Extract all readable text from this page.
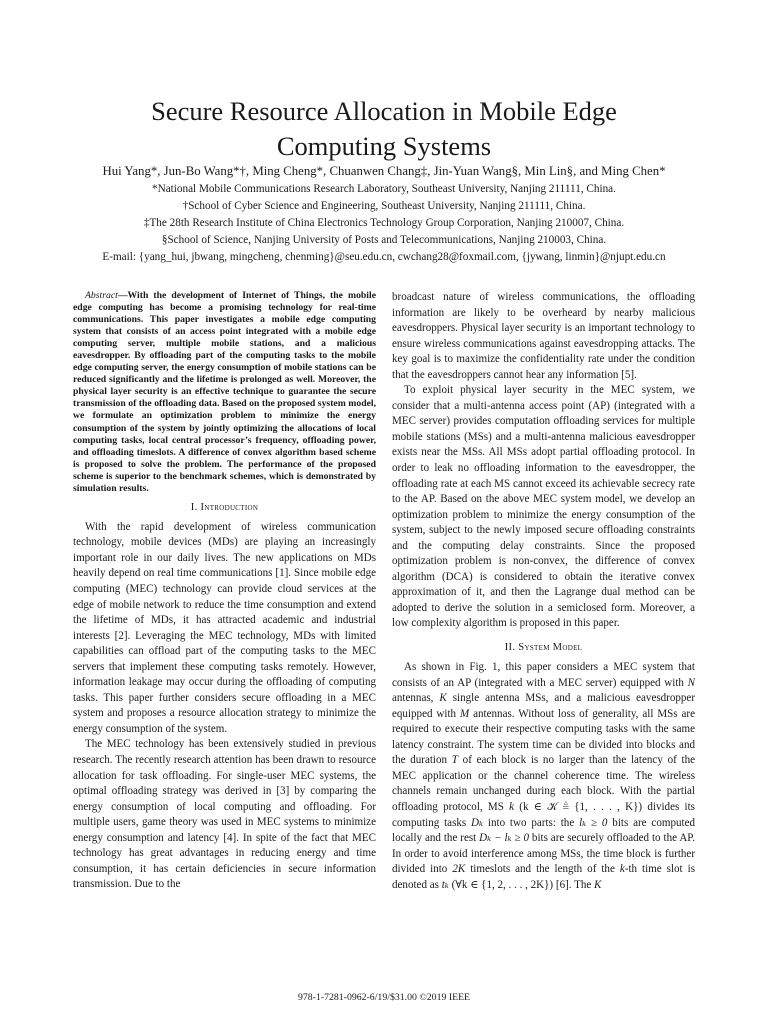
Secure Resource Allocation in Mobile Edge
Computing Systems
Hui Yang*, Jun-Bo Wang*†, Ming Cheng*, Chuanwen Chang‡, Jin-Yuan Wang§, Min Lin§, and Ming Chen*
*National Mobile Communications Research Laboratory, Southeast University, Nanjing 211111, China.
†School of Cyber Science and Engineering, Southeast University, Nanjing 211111, China.
‡The 28th Research Institute of China Electronics Technology Group Corporation, Nanjing 210007, China.
§School of Science, Nanjing University of Posts and Telecommunications, Nanjing 210003, China.
E-mail: {yang_hui, jbwang, mingcheng, chenming}@seu.edu.cn, cwchang28@foxmail.com, {jywang, linmin}@njupt.edu.cn

Abstract—With the development of Internet of Things, the mobile edge computing has become a promising technology for real-time communications. This paper investigates a mobile edge computing system that consists of an access point integrated with a mobile edge computing server, multiple mobile stations, and a malicious eavesdropper. By offloading part of the computing tasks to the mobile edge computing server, the energy consumption of mobile stations can be reduced significantly and the lifetime is prolonged as well. Moreover, the physical layer security is an effective technique to guarantee the secure transmission of the offloading data. Based on the proposed system model, we formulate an optimization problem to minimize the energy consumption of the system by jointly optimizing the allocations of local computing tasks, local central processor’s frequency, offloading power, and offloading timeslots. A difference of convex algorithm based scheme is proposed to solve the problem. The performance of the proposed scheme is superior to the benchmark schemes, which is demonstrated by simulation results.

I. Introduction

With the rapid development of wireless communication technology, mobile devices (MDs) are playing an increasingly important role in our daily lives. The new applications on MDs heavily depend on real time communications [1]. Since mobile edge computing (MEC) technology can provide cloud services at the edge of mobile network to reduce the time consumption and extend the lifetime of MDs, it has attracted academic and industrial interests [2]. Leveraging the MEC technology, MDs with limited capabilities can offload part of the computing tasks to the MEC servers that implement these computing tasks remotely. However, information leakage may occur during the offloading of computing tasks. This paper further considers secure offloading in a MEC system and proposes a resource allocation strategy to minimize the energy consumption of the system.

The MEC technology has been extensively studied in previous research. The recently research attention has been drawn to resource allocation for task offloading. For single-user MEC systems, the optimal offloading strategy was derived in [3] by comparing the energy consumption of local computing and offloading. For multiple users, game theory was used in MEC systems to minimize energy consumption and latency [4]. In spite of the fact that MEC technology has great advantages in reducing energy and time consumption, it has certain deficiencies in secure information transmission. Due to the

broadcast nature of wireless communications, the offloading information are likely to be overheard by nearby malicious eavesdroppers. Physical layer security is an important technology to ensure wireless communications against eavesdropping attacks. The key goal is to maximize the confidentiality rate under the condition that the eavesdroppers cannot hear any information [5].

To exploit physical layer security in the MEC system, we consider that a multi-antenna access point (AP) (integrated with a MEC server) provides computation offloading services for multiple mobile stations (MSs) and a multi-antenna malicious eavesdropper exists near the MSs. All MSs adopt partial offloading protocol. In order to leak no offloading information to the eavesdropper, the offloading rate at each MS cannot exceed its achievable secrecy rate to the AP. Based on the above MEC system model, we develop an optimization problem to minimize the energy consumption of the system, subject to the newly imposed secure offloading constraints and the computing delay constraints. Since the proposed optimization problem is non-convex, the difference of convex algorithm (DCA) is considered to obtain the iterative convex approximation of it, and then the Lagrange dual method can be adopted to derive the solution in a semiclosed form. Moreover, a low complexity algorithm is proposed in this paper.

II. System Model

As shown in Fig. 1, this paper considers a MEC system that consists of an AP (integrated with a MEC server) equipped with N antennas, K single antenna MSs, and a malicious eavesdropper equipped with M antennas. Without loss of generality, all MSs are required to execute their respective computing tasks with the same latency constraint. The system time can be divided into blocks and the duration T of each block is no larger than the latency of the MEC application or the channel coherence time. The wireless channels remain unchanged during each block. With the partial offloading protocol, MS k (k ∈ 𝒦 ≜ {1, . . . , K}) divides its computing tasks Dₖ into two parts: the lₖ ≥ 0 bits are computed locally and the rest Dₖ − lₖ ≥ 0 bits are securely offloaded to the AP. In order to avoid interference among MSs, the time block is further divided into 2K timeslots and the length of the k-th time slot is denoted as tₖ (∀k ∈ {1, 2, . . . , 2K}) [6]. The K

978-1-7281-0962-6/19/$31.00 ©2019 IEEE
